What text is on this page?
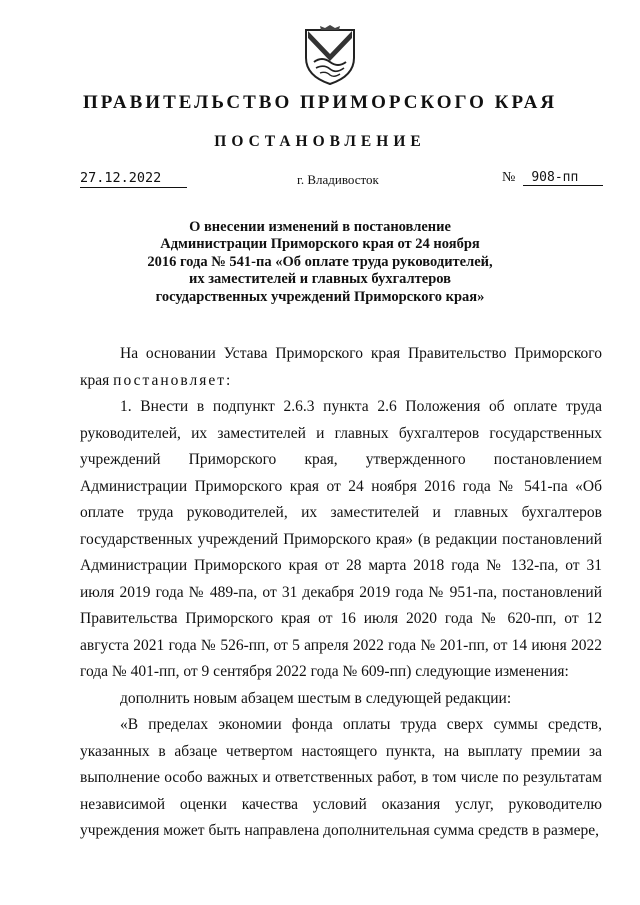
ПРАВИТЕЛЬСТВО ПРИМОРСКОГО КРАЯ
ПОСТАНОВЛЕНИЕ
27.12.2022	г. Владивосток	№ 908-пп
О внесении изменений в постановление
Администрации Приморского края от 24 ноября
2016 года № 541-па «Об оплате труда руководителей,
их заместителей и главных бухгалтеров
государственных учреждений Приморского края»

На основании Устава Приморского края Правительство Приморского края постановляет:

1. Внести в подпункт 2.6.3 пункта 2.6 Положения об оплате труда руководителей, их заместителей и главных бухгалтеров государственных учреждений Приморского края, утвержденного постановлением Администрации Приморского края от 24 ноября 2016 года № 541-па «Об оплате труда руководителей, их заместителей и главных бухгалтеров государственных учреждений Приморского края» (в редакции постановлений Администрации Приморского края от 28 марта 2018 года № 132-па, от 31 июля 2019 года № 489-па, от 31 декабря 2019 года № 951-па, постановлений Правительства Приморского края от 16 июля 2020 года № 620-пп, от 12 августа 2021 года № 526-пп, от 5 апреля 2022 года № 201-пп, от 14 июня 2022 года № 401-пп, от 9 сентября 2022 года № 609-пп) следующие изменения:

дополнить новым абзацем шестым в следующей редакции:

«В пределах экономии фонда оплаты труда сверх суммы средств, указанных в абзаце четвертом настоящего пункта, на выплату премии за выполнение особо важных и ответственных работ, в том числе по результатам независимой оценки качества условий оказания услуг, руководителю учреждения может быть направлена дополнительная сумма средств в размере,
